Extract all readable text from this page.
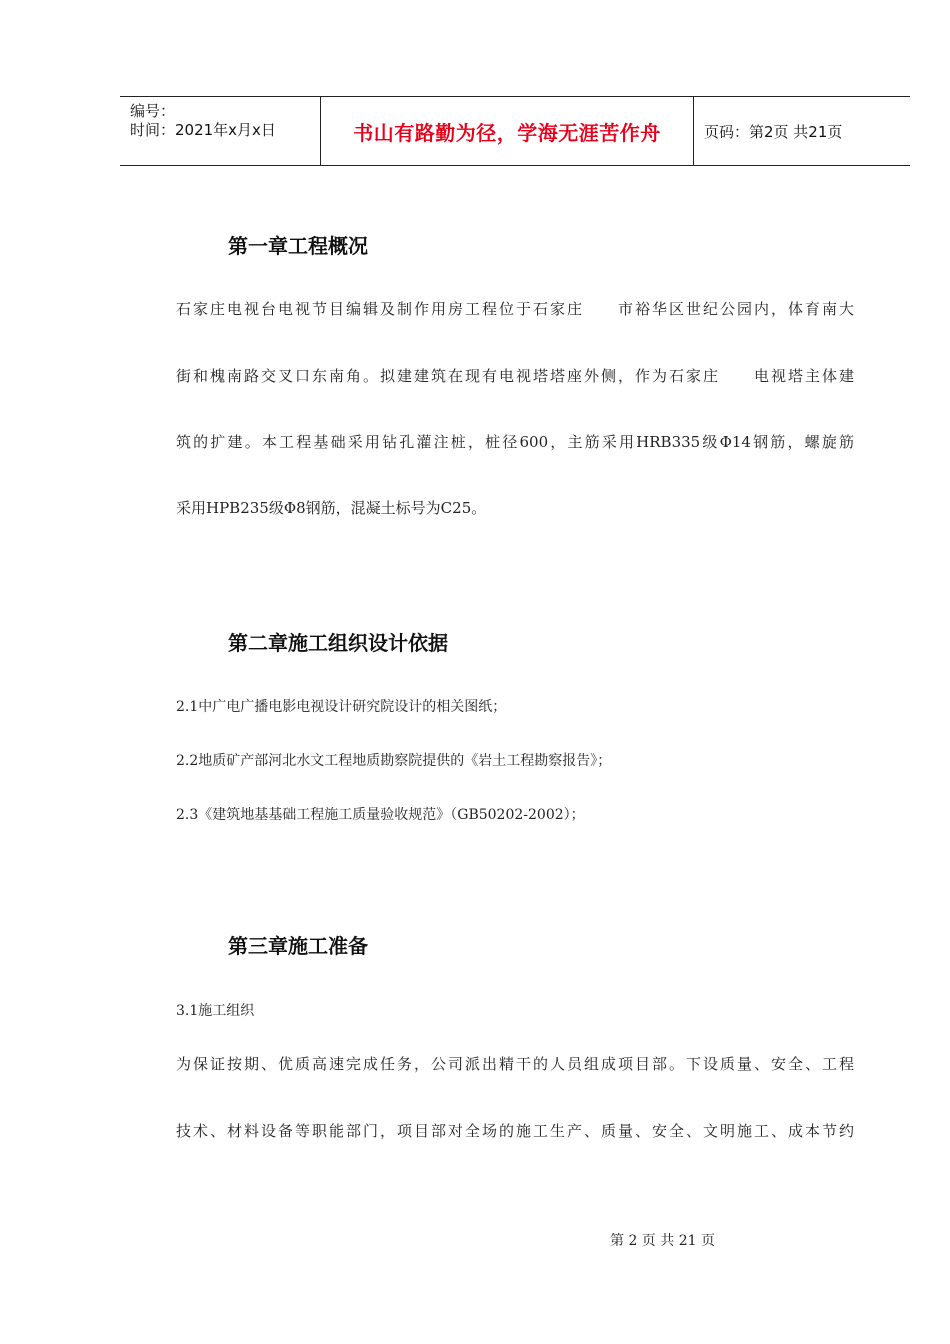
编号：
时间：2021年x月x日	书山有路勤为径，学海无涯苦作舟	页码：第2页 共21页
第一章工程概况
石家庄电视台电视节目编辑及制作用房工程位于石家庄　　市裕华区世纪公园内，体育南大
街和槐南路交叉口东南角。拟建建筑在现有电视塔塔座外侧，作为石家庄　　电视塔主体建
筑的扩建。本工程基础采用钻孔灌注桩，桩径600，主筋采用HRB335级Φ14钢筋，螺旋筋
采用HPB235级Φ8钢筋，混凝土标号为C25。
第二章施工组织设计依据
2.1中广电广播电影电视设计研究院设计的相关图纸；
2.2地质矿产部河北水文工程地质勘察院提供的《岩土工程勘察报告》；
2.3《建筑地基基础工程施工质量验收规范》（GB50202-2002）；
第三章施工准备
3.1施工组织
为保证按期、优质高速完成任务，公司派出精干的人员组成项目部。下设质量、安全、工程
技术、材料设备等职能部门，项目部对全场的施工生产、质量、安全、文明施工、成本节约
第 2 页 共 21 页
